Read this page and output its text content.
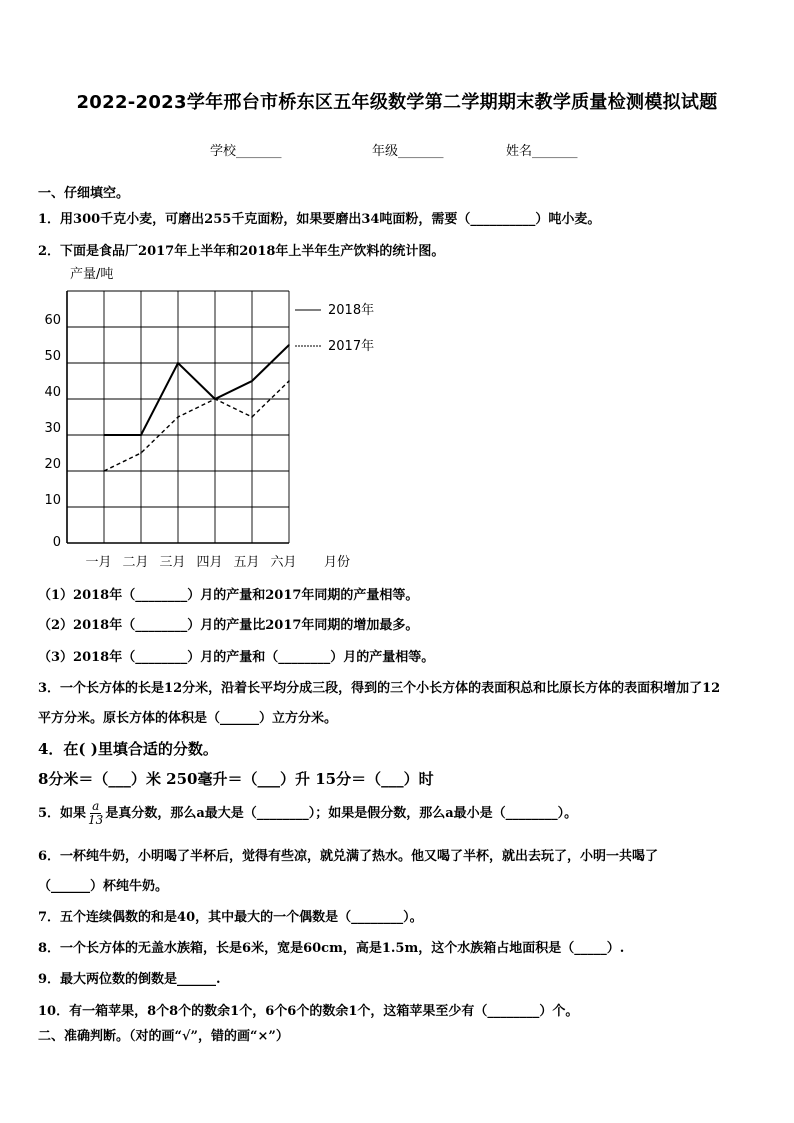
2022-2023学年邢台市桥东区五年级数学第二学期期末教学质量检测模拟试题
学校_______	年级_______	姓名_______
一、仔细填空。
1．用300千克小麦，可磨出255千克面粉，如果要磨出34吨面粉，需要（__________）吨小麦。
2．下面是食品厂2017年上半年和2018年上半年生产饮料的统计图。
0
10
20
30
40
50
60
一月 二月 三月 四月 五月 六月
产量/吨
月份
2018年
2017年
（1）2018年（________）月的产量和2017年同期的产量相等。
（2）2018年（________）月的产量比2017年同期的增加最多。
（3）2018年（________）月的产量和（________）月的产量相等。
3．一个长方体的长是12分米，沿着长平均分成三段，得到的三个小长方体的表面积总和比原长方体的表面积增加了12
平方分米。原长方体的体积是（______）立方分米。
4．在( )里填合适的分数。
8分米＝（___）米 250毫升＝（___）升 15分＝（___）时
5．如果 $\frac{a}{13}$ 是真分数，那么a最大是（________）；如果是假分数，那么a最小是（________）。
6．一杯纯牛奶，小明喝了半杯后，觉得有些凉，就兑满了热水。他又喝了半杯，就出去玩了，小明一共喝了
（______）杯纯牛奶。
7．五个连续偶数的和是40，其中最大的一个偶数是（________）。
8．一个长方体的无盖水族箱，长是6米，宽是60cm，高是1.5m，这个水族箱占地面积是（_____）.
9．最大两位数的倒数是______.
10．有一箱苹果，8个8个的数余1个，6个6个的数余1个，这箱苹果至少有（________）个。
二、准确判断。（对的画“√”，错的画“×”）
